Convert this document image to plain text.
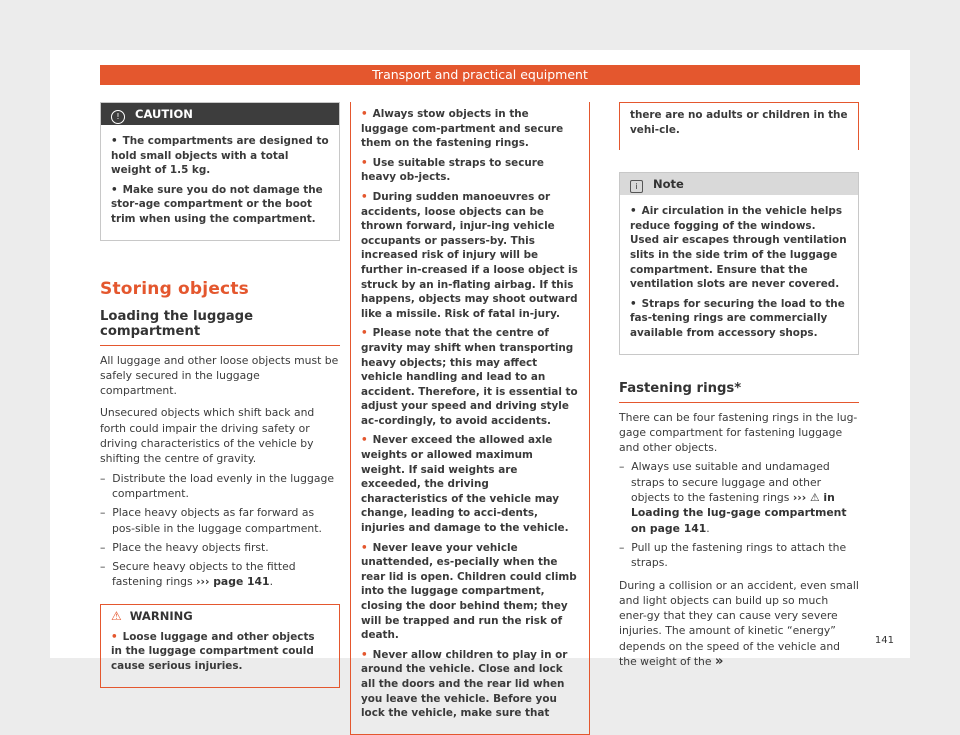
Transport and practical equipment
! CAUTION
• The compartments are designed to hold small objects with a total weight of 1.5 kg.
• Make sure you do not damage the stor-age compartment or the boot trim when using the compartment.
Storing objects
Loading the luggage compartment
All luggage and other loose objects must be safely secured in the luggage compartment.
Unsecured objects which shift back and forth could impair the driving safety or driving characteristics of the vehicle by shifting the centre of gravity.
–  Distribute the load evenly in the luggage compartment.
–  Place heavy objects as far forward as pos-sible in the luggage compartment.
–  Place the heavy objects first.
–  Secure heavy objects to the fitted fastening rings ››› page 141.
⚠ WARNING
• Loose luggage and other objects in the luggage compartment could cause serious injuries.
• Always stow objects in the luggage com-partment and secure them on the fastening rings.
• Use suitable straps to secure heavy ob-jects.
• During sudden manoeuvres or accidents, loose objects can be thrown forward, injur-ing vehicle occupants or passers-by. This increased risk of injury will be further in-creased if a loose object is struck by an in-flating airbag. If this happens, objects may shoot outward like a missile. Risk of fatal in-jury.
• Please note that the centre of gravity may shift when transporting heavy objects; this may affect vehicle handling and lead to an accident. Therefore, it is essential to adjust your speed and driving style ac-cordingly, to avoid accidents.
• Never exceed the allowed axle weights or allowed maximum weight. If said weights are exceeded, the driving characteristics of the vehicle may change, leading to acci-dents, injuries and damage to the vehicle.
• Never leave your vehicle unattended, es-pecially when the rear lid is open. Children could climb into the luggage compartment, closing the door behind them; they will be trapped and run the risk of death.
• Never allow children to play in or around the vehicle. Close and lock all the doors and the rear lid when you leave the vehicle. Before you lock the vehicle, make sure that
there are no adults or children in the vehi-cle.
i Note
• Air circulation in the vehicle helps reduce fogging of the windows. Used air escapes through ventilation slits in the side trim of the luggage compartment. Ensure that the ventilation slots are never covered.
• Straps for securing the load to the fas-tening rings are commercially available from accessory shops.
Fastening rings*
There can be four fastening rings in the lug-gage compartment for fastening luggage and other objects.
–  Always use suitable and undamaged straps to secure luggage and other objects to the fastening rings ››› ⚠ in Loading the lug-gage compartment on page 141.
–  Pull up the fastening rings to attach the straps.
During a collision or an accident, even small and light objects can build up so much ener-gy that they can cause very severe injuries. The amount of kinetic “energy” depends on the speed of the vehicle and the weight of the »
141
